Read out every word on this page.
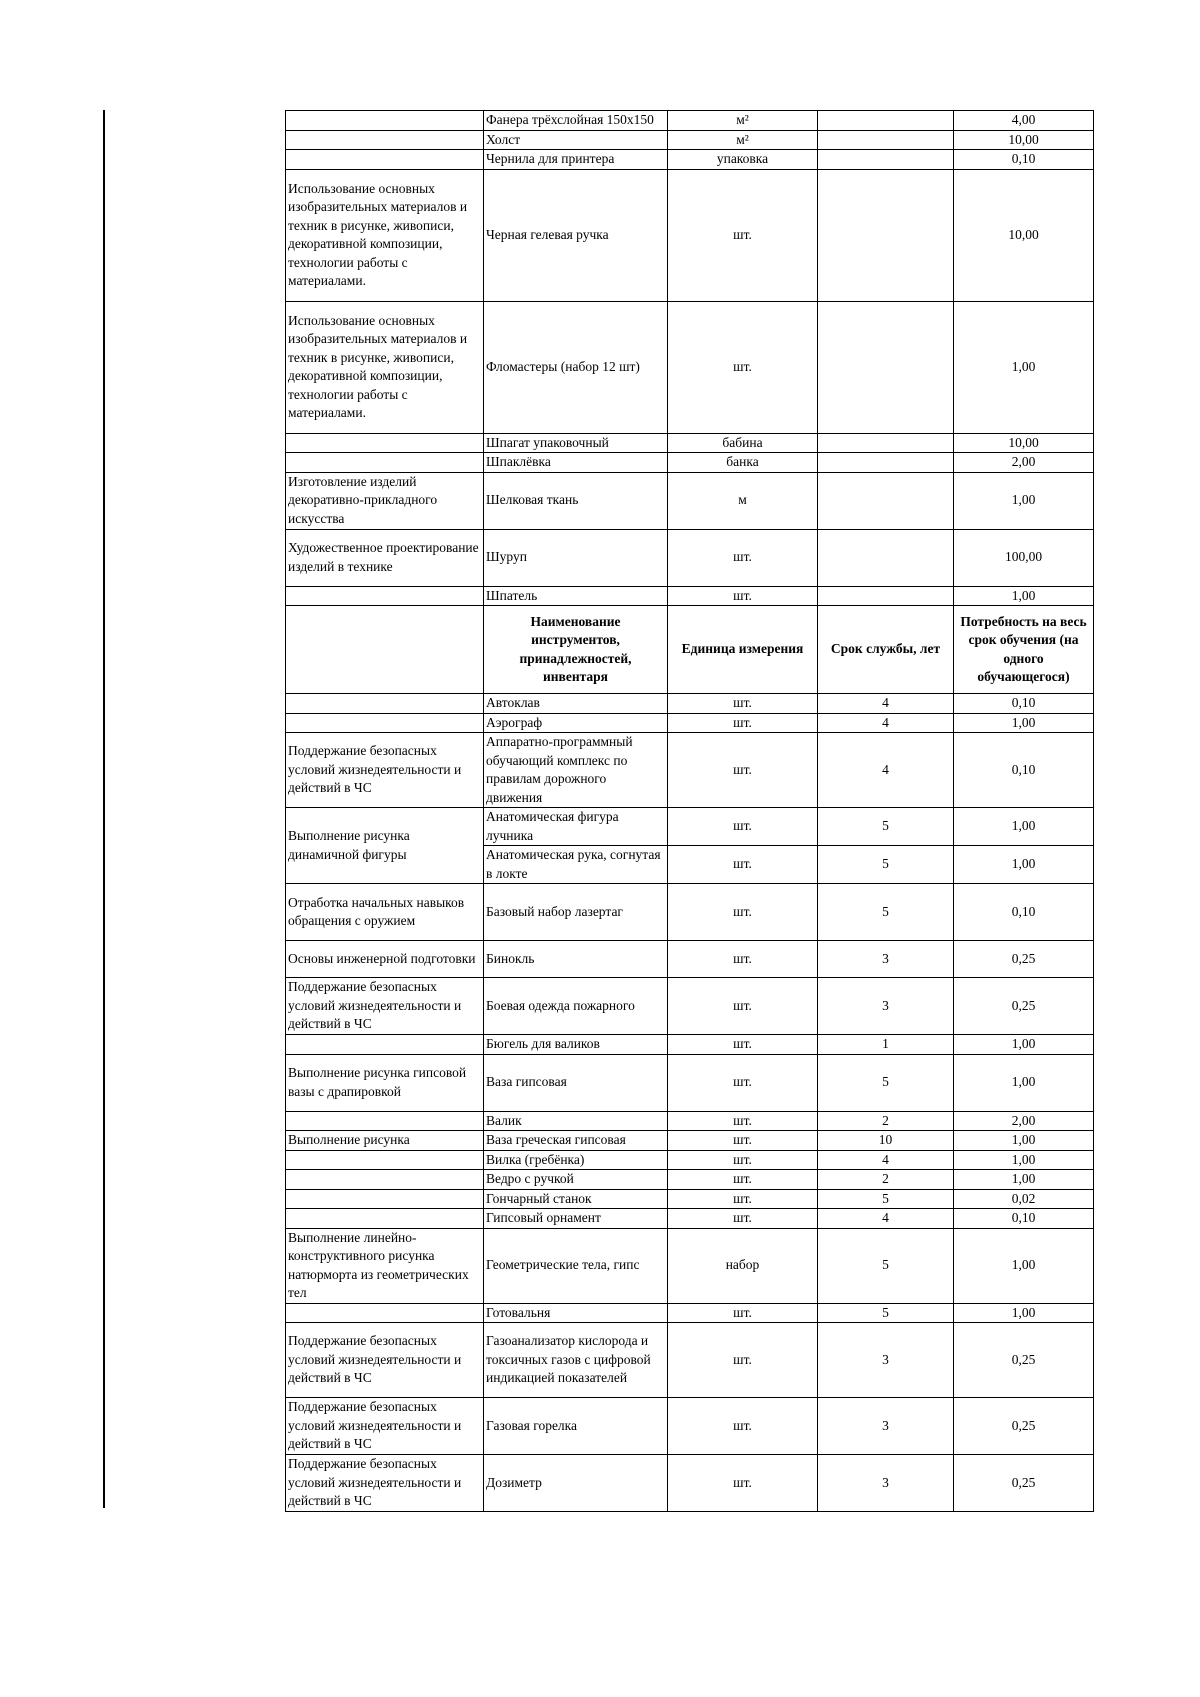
	Фанера трёхслойная 150х150	м²		4,00
	Холст	м²		10,00
	Чернила для принтера	упаковка		0,10
Использование основных изобразительных материалов и техник в рисунке, живописи, декоративной композиции, технологии работы с материалами.	Черная гелевая ручка	шт.		10,00
Использование основных изобразительных материалов и техник в рисунке, живописи, декоративной композиции, технологии работы с материалами.	Фломастеры (набор 12 шт)	шт.		1,00
	Шпагат упаковочный	бабина		10,00
	Шпаклёвка	банка		2,00
Изготовление изделий декоративно-прикладного искусства	Шелковая ткань	м		1,00
Художественное проектирование изделий в технике	Шуруп	шт.		100,00
	Шпатель	шт.		1,00
	Наименование инструментов, принадлежностей, инвентаря	Единица измерения	Срок службы, лет	Потребность на весь срок обучения (на одного обучающегося)
	Автоклав	шт.	4	0,10
	Аэрограф	шт.	4	1,00
Поддержание безопасных условий жизнедеятельности и действий в ЧС	Аппаратно-программный обучающий комплекс по правилам дорожного движения	шт.	4	0,10
Выполнение рисунка динамичной фигуры	Анатомическая фигура лучника	шт.	5	1,00
	Анатомическая рука, согнутая в локте	шт.	5	1,00
Отработка начальных навыков обращения с оружием	Базовый набор лазертаг	шт.	5	0,10
Основы инженерной подготовки	Бинокль	шт.	3	0,25
Поддержание безопасных условий жизнедеятельности и действий в ЧС	Боевая одежда пожарного	шт.	3	0,25
	Бюгель для валиков	шт.	1	1,00
Выполнение рисунка гипсовой вазы с драпировкой	Ваза гипсовая	шт.	5	1,00
	Валик	шт.	2	2,00
Выполнение рисунка	Ваза греческая гипсовая	шт.	10	1,00
	Вилка (гребёнка)	шт.	4	1,00
	Ведро с ручкой	шт.	2	1,00
	Гончарный станок	шт.	5	0,02
	Гипсовый орнамент	шт.	4	0,10
Выполнение линейно-конструктивного рисунка натюрморта из геометрических тел	Геометрические тела, гипс	набор	5	1,00
	Готовальня	шт.	5	1,00
Поддержание безопасных условий жизнедеятельности и действий в ЧС	Газоанализатор кислорода и токсичных газов с цифровой индикацией показателей	шт.	3	0,25
Поддержание безопасных условий жизнедеятельности и действий в ЧС	Газовая горелка	шт.	3	0,25
Поддержание безопасных условий жизнедеятельности и действий в ЧС	Дозиметр	шт.	3	0,25
